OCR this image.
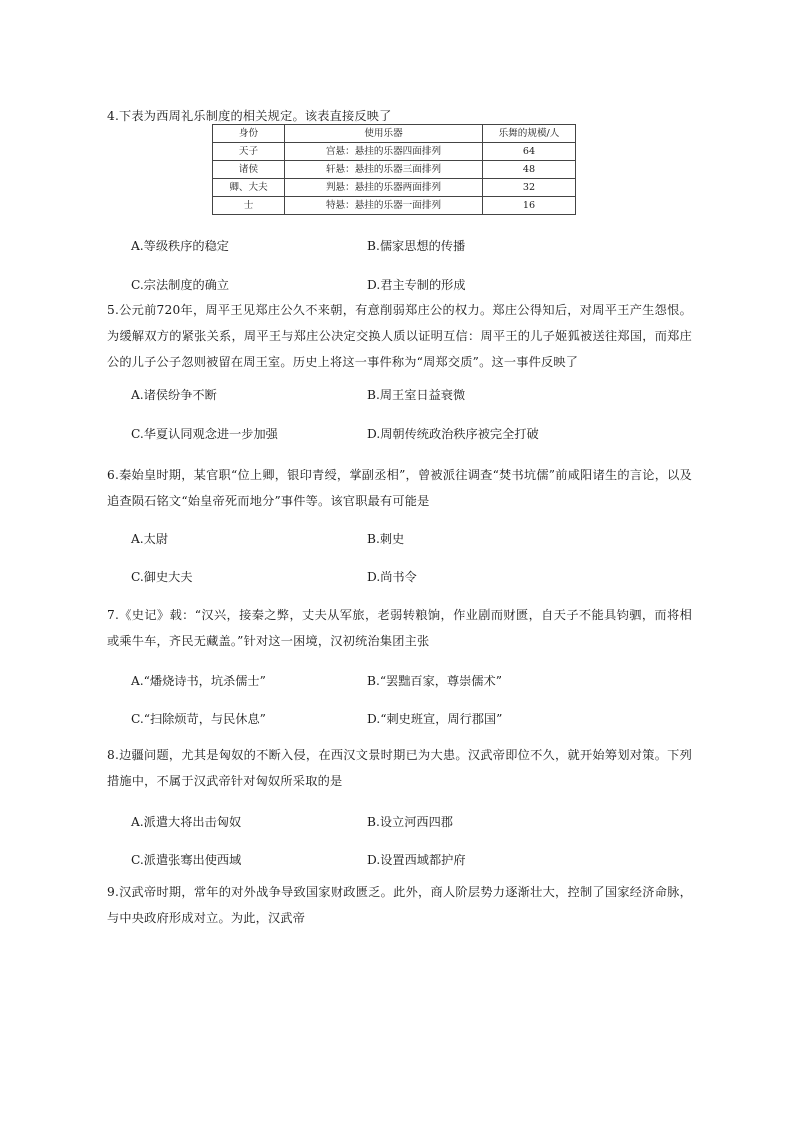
4.下表为西周礼乐制度的相关规定。该表直接反映了

身份	使用乐器	乐舞的规模/人
天子	宫悬：悬挂的乐器四面排列	64
诸侯	轩悬：悬挂的乐器三面排列	48
卿、大夫	判悬：悬挂的乐器两面排列	32
士	特悬：悬挂的乐器一面排列	16
A.等级秩序的稳定	B.儒家思想的传播
C.宗法制度的确立	D.君主专制的形成

5.公元前720年，周平王见郑庄公久不来朝，有意削弱郑庄公的权力。郑庄公得知后，对周平王产生怨恨。为缓解双方的紧张关系，周平王与郑庄公决定交换人质以证明互信：周平王的儿子姬狐被送往郑国，而郑庄公的儿子公子忽则被留在周王室。历史上将这一事件称为“周郑交质”。这一事件反映了

A.诸侯纷争不断	B.周王室日益衰微
C.华夏认同观念进一步加强	D.周朝传统政治秩序被完全打破

6.秦始皇时期，某官职“位上卿，银印青绶，掌副丞相”，曾被派往调查“焚书坑儒”前咸阳诸生的言论，以及追查陨石铭文“始皇帝死而地分”事件等。该官职最有可能是

A.太尉	B.刺史
C.御史大夫	D.尚书令

7.《史记》载：“汉兴，接秦之弊，丈夫从军旅，老弱转粮饷，作业剧而财匮，自天子不能具钧驷，而将相或乘牛车，齐民无藏盖。”针对这一困境，汉初统治集团主张

A.“燔烧诗书，坑杀儒士”	B.“罢黜百家，尊崇儒术”
C.“扫除烦苛，与民休息”	D.“刺史班宣，周行郡国”

8.边疆问题，尤其是匈奴的不断入侵，在西汉文景时期已为大患。汉武帝即位不久，就开始筹划对策。下列措施中，不属于汉武帝针对匈奴所采取的是

A.派遣大将出击匈奴	B.设立河西四郡
C.派遣张骞出使西域	D.设置西域都护府

9.汉武帝时期，常年的对外战争导致国家财政匮乏。此外，商人阶层势力逐渐壮大，控制了国家经济命脉，与中央政府形成对立。为此，汉武帝
